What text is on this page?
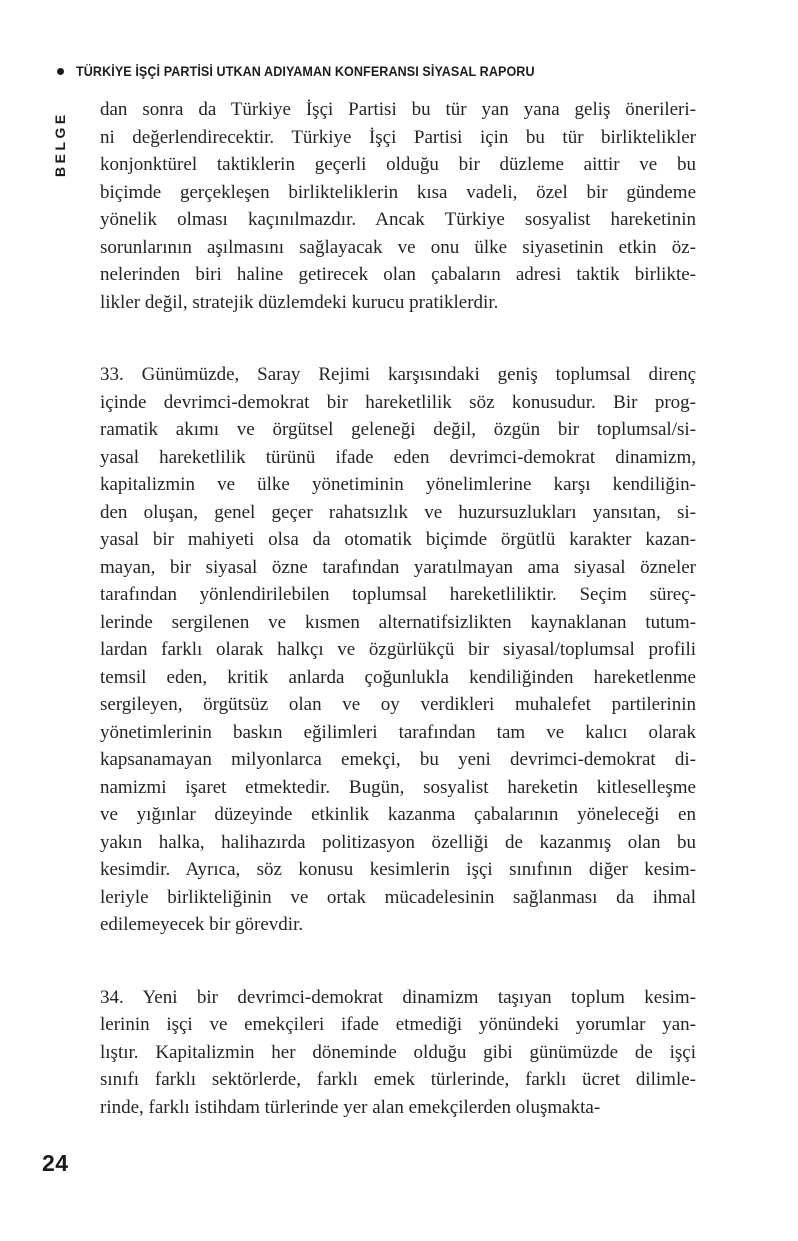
TÜRKİYE İŞÇİ PARTİSİ UTKAN ADIYAMAN KONFERANSI SİYASAL RAPORU
BELGE
dan sonra da Türkiye İşçi Partisi bu tür yan yana geliş önerileri-
ni değerlendirecektir. Türkiye İşçi Partisi için bu tür birliktelikler
konjonktürel taktiklerin geçerli olduğu bir düzleme aittir ve bu
biçimde gerçekleşen birlikteliklerin kısa vadeli, özel bir gündeme
yönelik olması kaçınılmazdır. Ancak Türkiye sosyalist hareketinin
sorunlarının aşılmasını sağlayacak ve onu ülke siyasetinin etkin öz-
nelerinden biri haline getirecek olan çabaların adresi taktik birlikte-
likler değil, stratejik düzlemdeki kurucu pratiklerdir.
33. Günümüzde, Saray Rejimi karşısındaki geniş toplumsal direnç
içinde devrimci-demokrat bir hareketlilik söz konusudur. Bir prog-
ramatik akımı ve örgütsel geleneği değil, özgün bir toplumsal/si-
yasal hareketlilik türünü ifade eden devrimci-demokrat dinamizm,
kapitalizmin ve ülke yönetiminin yönelimlerine karşı kendiliğin-
den oluşan, genel geçer rahatsızlık ve huzursuzlukları yansıtan, si-
yasal bir mahiyeti olsa da otomatik biçimde örgütlü karakter kazan-
mayan, bir siyasal özne tarafından yaratılmayan ama siyasal özneler
tarafından yönlendirilebilen toplumsal hareketliliktir. Seçim süreç-
lerinde sergilenen ve kısmen alternatifsizlikten kaynaklanan tutum-
lardan farklı olarak halkçı ve özgürlükçü bir siyasal/toplumsal profili
temsil eden, kritik anlarda çoğunlukla kendiliğinden hareketlenme
sergileyen, örgütsüz olan ve oy verdikleri muhalefet partilerinin
yönetimlerinin baskın eğilimleri tarafından tam ve kalıcı olarak
kapsanamayan milyonlarca emekçi, bu yeni devrimci-demokrat di-
namizmi işaret etmektedir. Bugün, sosyalist hareketin kitleselleşme
ve yığınlar düzeyinde etkinlik kazanma çabalarının yöneleceği en
yakın halka, halihazırda politizasyon özelliği de kazanmış olan bu
kesimdir. Ayrıca, söz konusu kesimlerin işçi sınıfının diğer kesim-
leriyle birlikteliğinin ve ortak mücadelesinin sağlanması da ihmal
edilemeyecek bir görevdir.
34. Yeni bir devrimci-demokrat dinamizm taşıyan toplum kesim-
lerinin işçi ve emekçileri ifade etmediği yönündeki yorumlar yan-
lıştır. Kapitalizmin her döneminde olduğu gibi günümüzde de işçi
sınıfı farklı sektörlerde, farklı emek türlerinde, farklı ücret dilimle-
rinde, farklı istihdam türlerinde yer alan emekçilerden oluşmakta-
24
